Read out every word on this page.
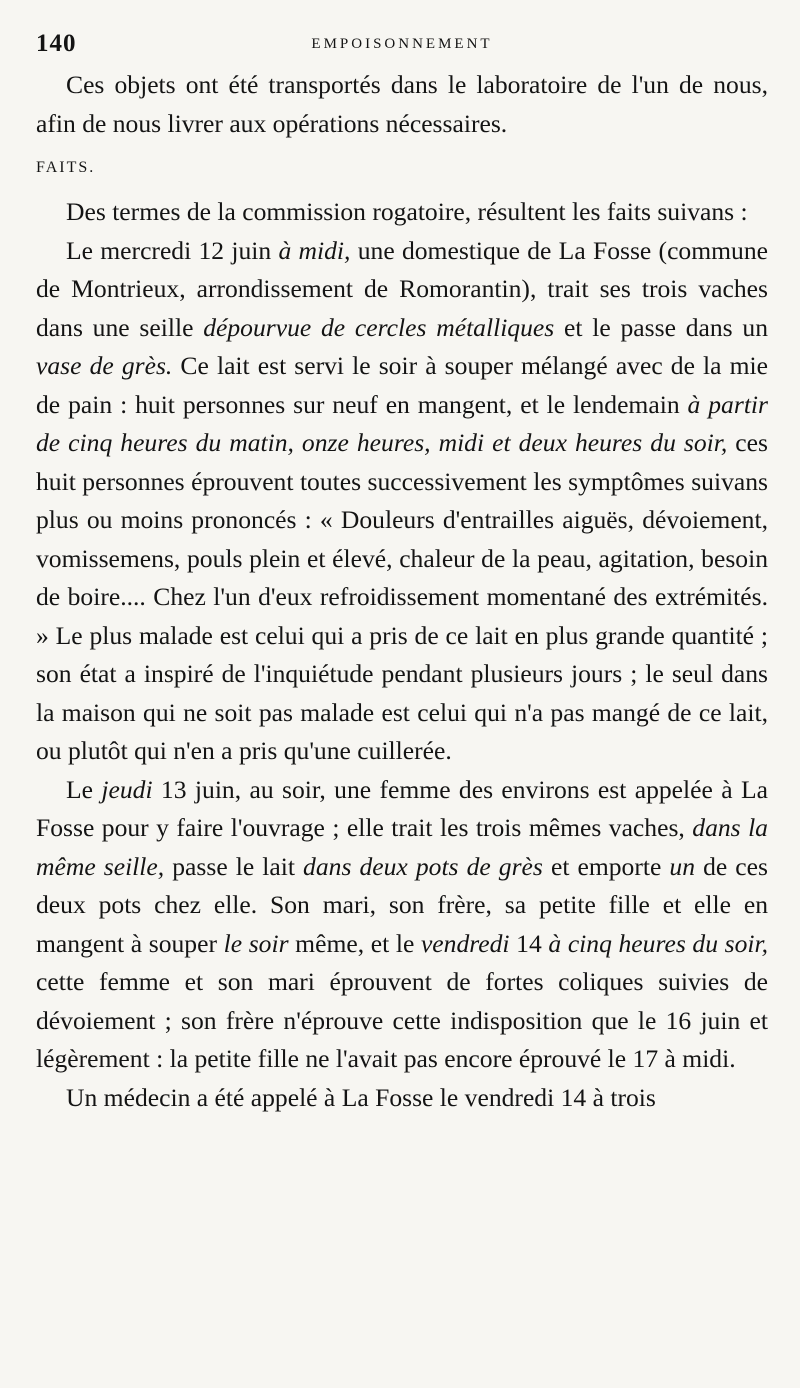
140	EMPOISONNEMENT

Ces objets ont été transportés dans le laboratoire de l'un de nous, afin de nous livrer aux opérations nécessaires.

FAITS.

Des termes de la commission rogatoire, résultent les faits suivans :

Le mercredi 12 juin à midi, une domestique de La Fosse (commune de Montrieux, arrondissement de Romorantin), trait ses trois vaches dans une seille dépourvue de cercles métalliques et le passe dans un vase de grès. Ce lait est servi le soir à souper mélangé avec de la mie de pain : huit personnes sur neuf en mangent, et le lendemain à partir de cinq heures du matin, onze heures, midi et deux heures du soir, ces huit personnes éprouvent toutes successivement les symptômes suivans plus ou moins prononcés : « Douleurs d'entrailles aiguës, dévoiement, vomissemens, pouls plein et élevé, chaleur de la peau, agitation, besoin de boire.... Chez l'un d'eux refroidissement momentané des extrémités. » Le plus malade est celui qui a pris de ce lait en plus grande quantité ; son état a inspiré de l'inquiétude pendant plusieurs jours ; le seul dans la maison qui ne soit pas malade est celui qui n'a pas mangé de ce lait, ou plutôt qui n'en a pris qu'une cuillerée.

Le jeudi 13 juin, au soir, une femme des environs est appelée à La Fosse pour y faire l'ouvrage ; elle trait les trois mêmes vaches, dans la même seille, passe le lait dans deux pots de grès et emporte un de ces deux pots chez elle. Son mari, son frère, sa petite fille et elle en mangent à souper le soir même, et le vendredi 14 à cinq heures du soir, cette femme et son mari éprouvent de fortes coliques suivies de dévoiement ; son frère n'éprouve cette indisposition que le 16 juin et légèrement : la petite fille ne l'avait pas encore éprouvé le 17 à midi.

Un médecin a été appelé à La Fosse le vendredi 14 à trois
